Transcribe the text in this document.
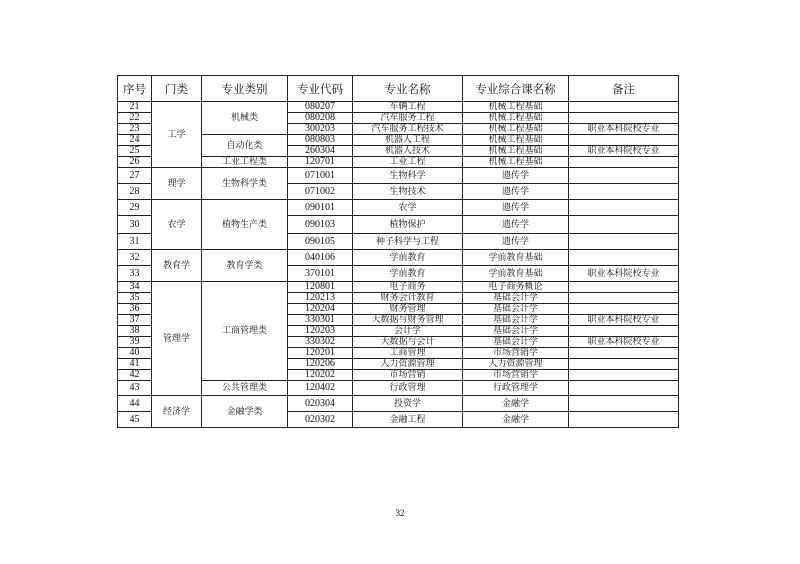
序号	门类	专业类别	专业代码	专业名称	专业综合课名称	备注
21	工学	机械类	080207	车辆工程	机械工程基础	
22			080208	汽车服务工程	机械工程基础	
23			300203	汽车服务工程技术	机械工程基础	职业本科院校专业
24		自动化类	080803	机器人工程	机械工程基础	
25			260304	机器人技术	机械工程基础	职业本科院校专业
26		工业工程类	120701	工业工程	机械工程基础	
27	理学	生物科学类	071001	生物科学	遗传学	
28			071002	生物技术	遗传学	
29	农学	植物生产类	090101	农学	遗传学	
30			090103	植物保护	遗传学	
31			090105	种子科学与工程	遗传学	
32	教育学	教育学类	040106	学前教育	学前教育基础	
33			370101	学前教育	学前教育基础	职业本科院校专业
34	管理学	工商管理类	120801	电子商务	电子商务概论	
35			120213	财务会计教育	基础会计学	
36			120204	财务管理	基础会计学	
37			330301	大数据与财务管理	基础会计学	职业本科院校专业
38			120203	会计学	基础会计学	
39			330302	大数据与会计	基础会计学	职业本科院校专业
40			120201	工商管理	市场营销学	
41			120206	人力资源管理	人力资源管理	
42			120202	市场营销	市场营销学	
43		公共管理类	120402	行政管理	行政管理学	
44	经济学	金融学类	020304	投资学	金融学	
45			020302	金融工程	金融学	
32
